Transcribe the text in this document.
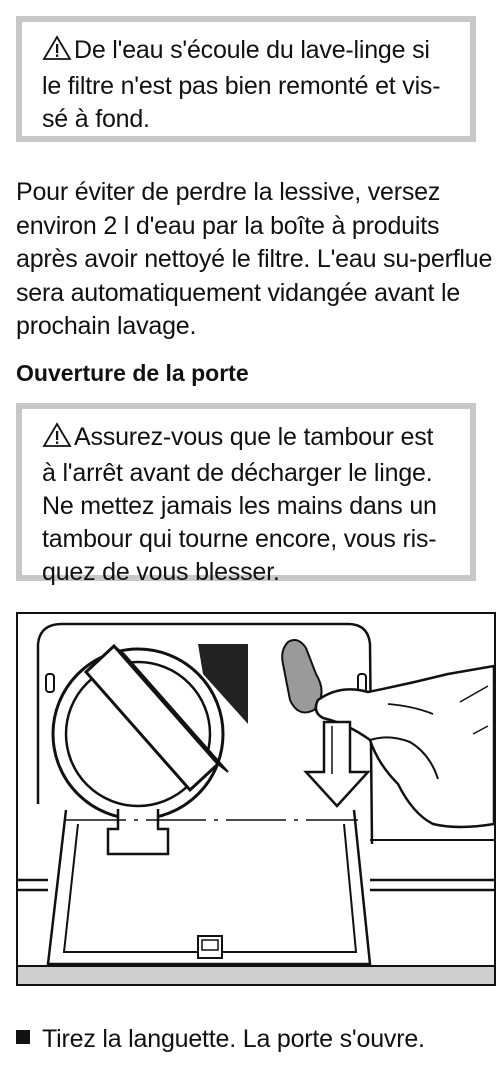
De l'eau s'écoule du lave-linge si le filtre n'est pas bien remonté et vis-sé à fond.
Pour éviter de perdre la lessive, versez environ 2 l d'eau par la boîte à produits après avoir nettoyé le filtre. L'eau su-perflue sera automatiquement vidangée avant le prochain lavage.
Ouverture de la porte
Assurez-vous que le tambour est à l'arrêt avant de décharger le linge. Ne mettez jamais les mains dans un tambour qui tourne encore, vous ris-quez de vous blesser.
Tirez la languette. La porte s'ouvre.
